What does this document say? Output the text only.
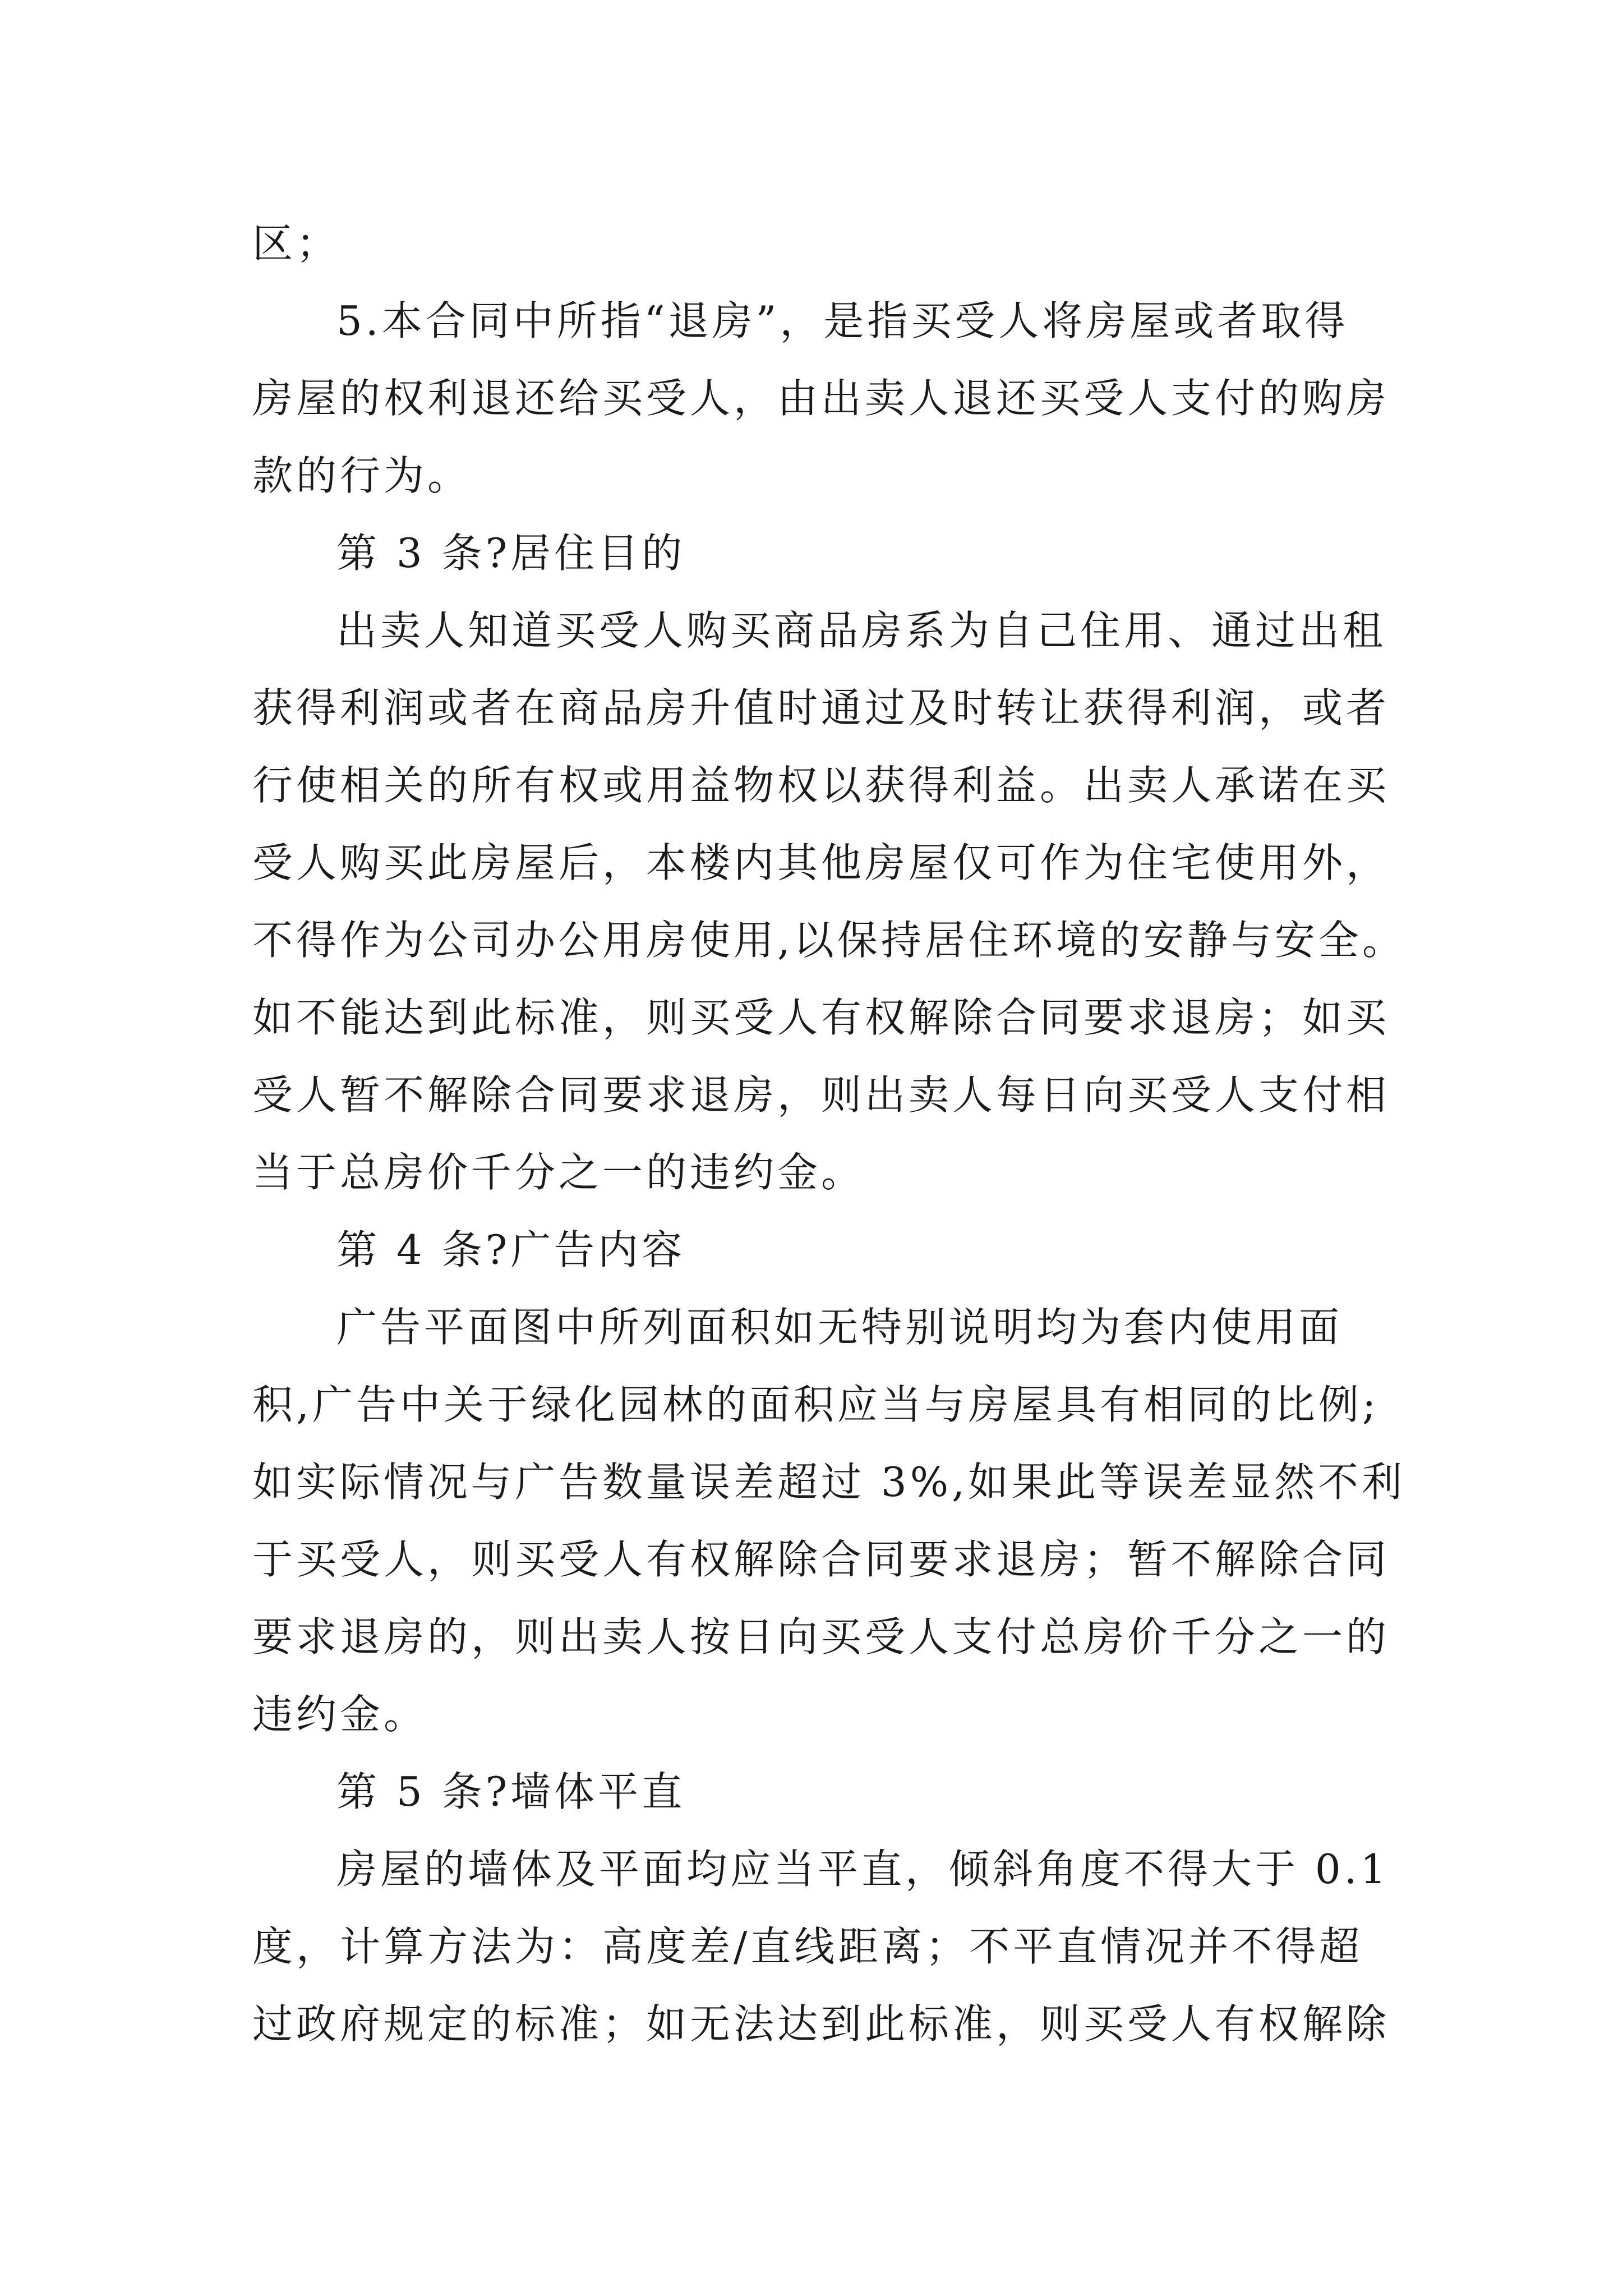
区；
5.本合同中所指“退房”，是指买受人将房屋或者取得
房屋的权利退还给买受人，由出卖人退还买受人支付的购房
款的行为。
第 3 条?居住目的
出卖人知道买受人购买商品房系为自己住用、通过出租
获得利润或者在商品房升值时通过及时转让获得利润，或者
行使相关的所有权或用益物权以获得利益。出卖人承诺在买
受人购买此房屋后，本楼内其他房屋仅可作为住宅使用外，
不得作为公司办公用房使用,以保持居住环境的安静与安全。
如不能达到此标准，则买受人有权解除合同要求退房；如买
受人暂不解除合同要求退房，则出卖人每日向买受人支付相
当于总房价千分之一的违约金。
第 4 条?广告内容
广告平面图中所列面积如无特别说明均为套内使用面
积,广告中关于绿化园林的面积应当与房屋具有相同的比例;
如实际情况与广告数量误差超过 3%,如果此等误差显然不利
于买受人，则买受人有权解除合同要求退房；暂不解除合同
要求退房的，则出卖人按日向买受人支付总房价千分之一的
违约金。
第 5 条?墙体平直
房屋的墙体及平面均应当平直，倾斜角度不得大于 0.1
度，计算方法为：高度差/直线距离；不平直情况并不得超
过政府规定的标准；如无法达到此标准，则买受人有权解除
